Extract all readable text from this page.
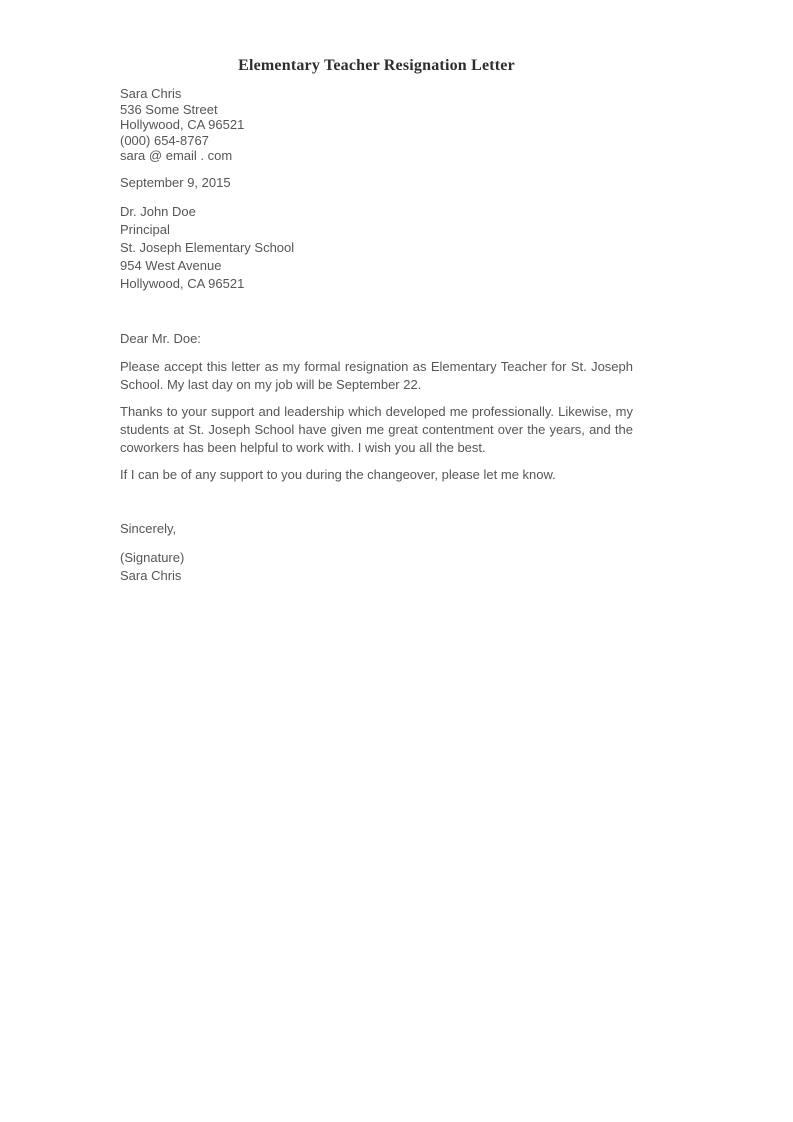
Elementary Teacher Resignation Letter
Sara Chris
536 Some Street
Hollywood, CA 96521
(000) 654-8767
sara @ email . com

September 9, 2015

Dr. John Doe
Principal
St. Joseph Elementary School
954 West Avenue
Hollywood, CA 96521

Dear Mr. Doe:

Please accept this letter as my formal resignation as Elementary Teacher for St. Joseph School. My last day on my job will be September 22.

Thanks to your support and leadership which developed me professionally. Likewise, my students at St. Joseph School have given me great contentment over the years, and the coworkers has been helpful to work with. I wish you all the best.

If I can be of any support to you during the changeover, please let me know.

Sincerely,

(Signature)
Sara Chris
